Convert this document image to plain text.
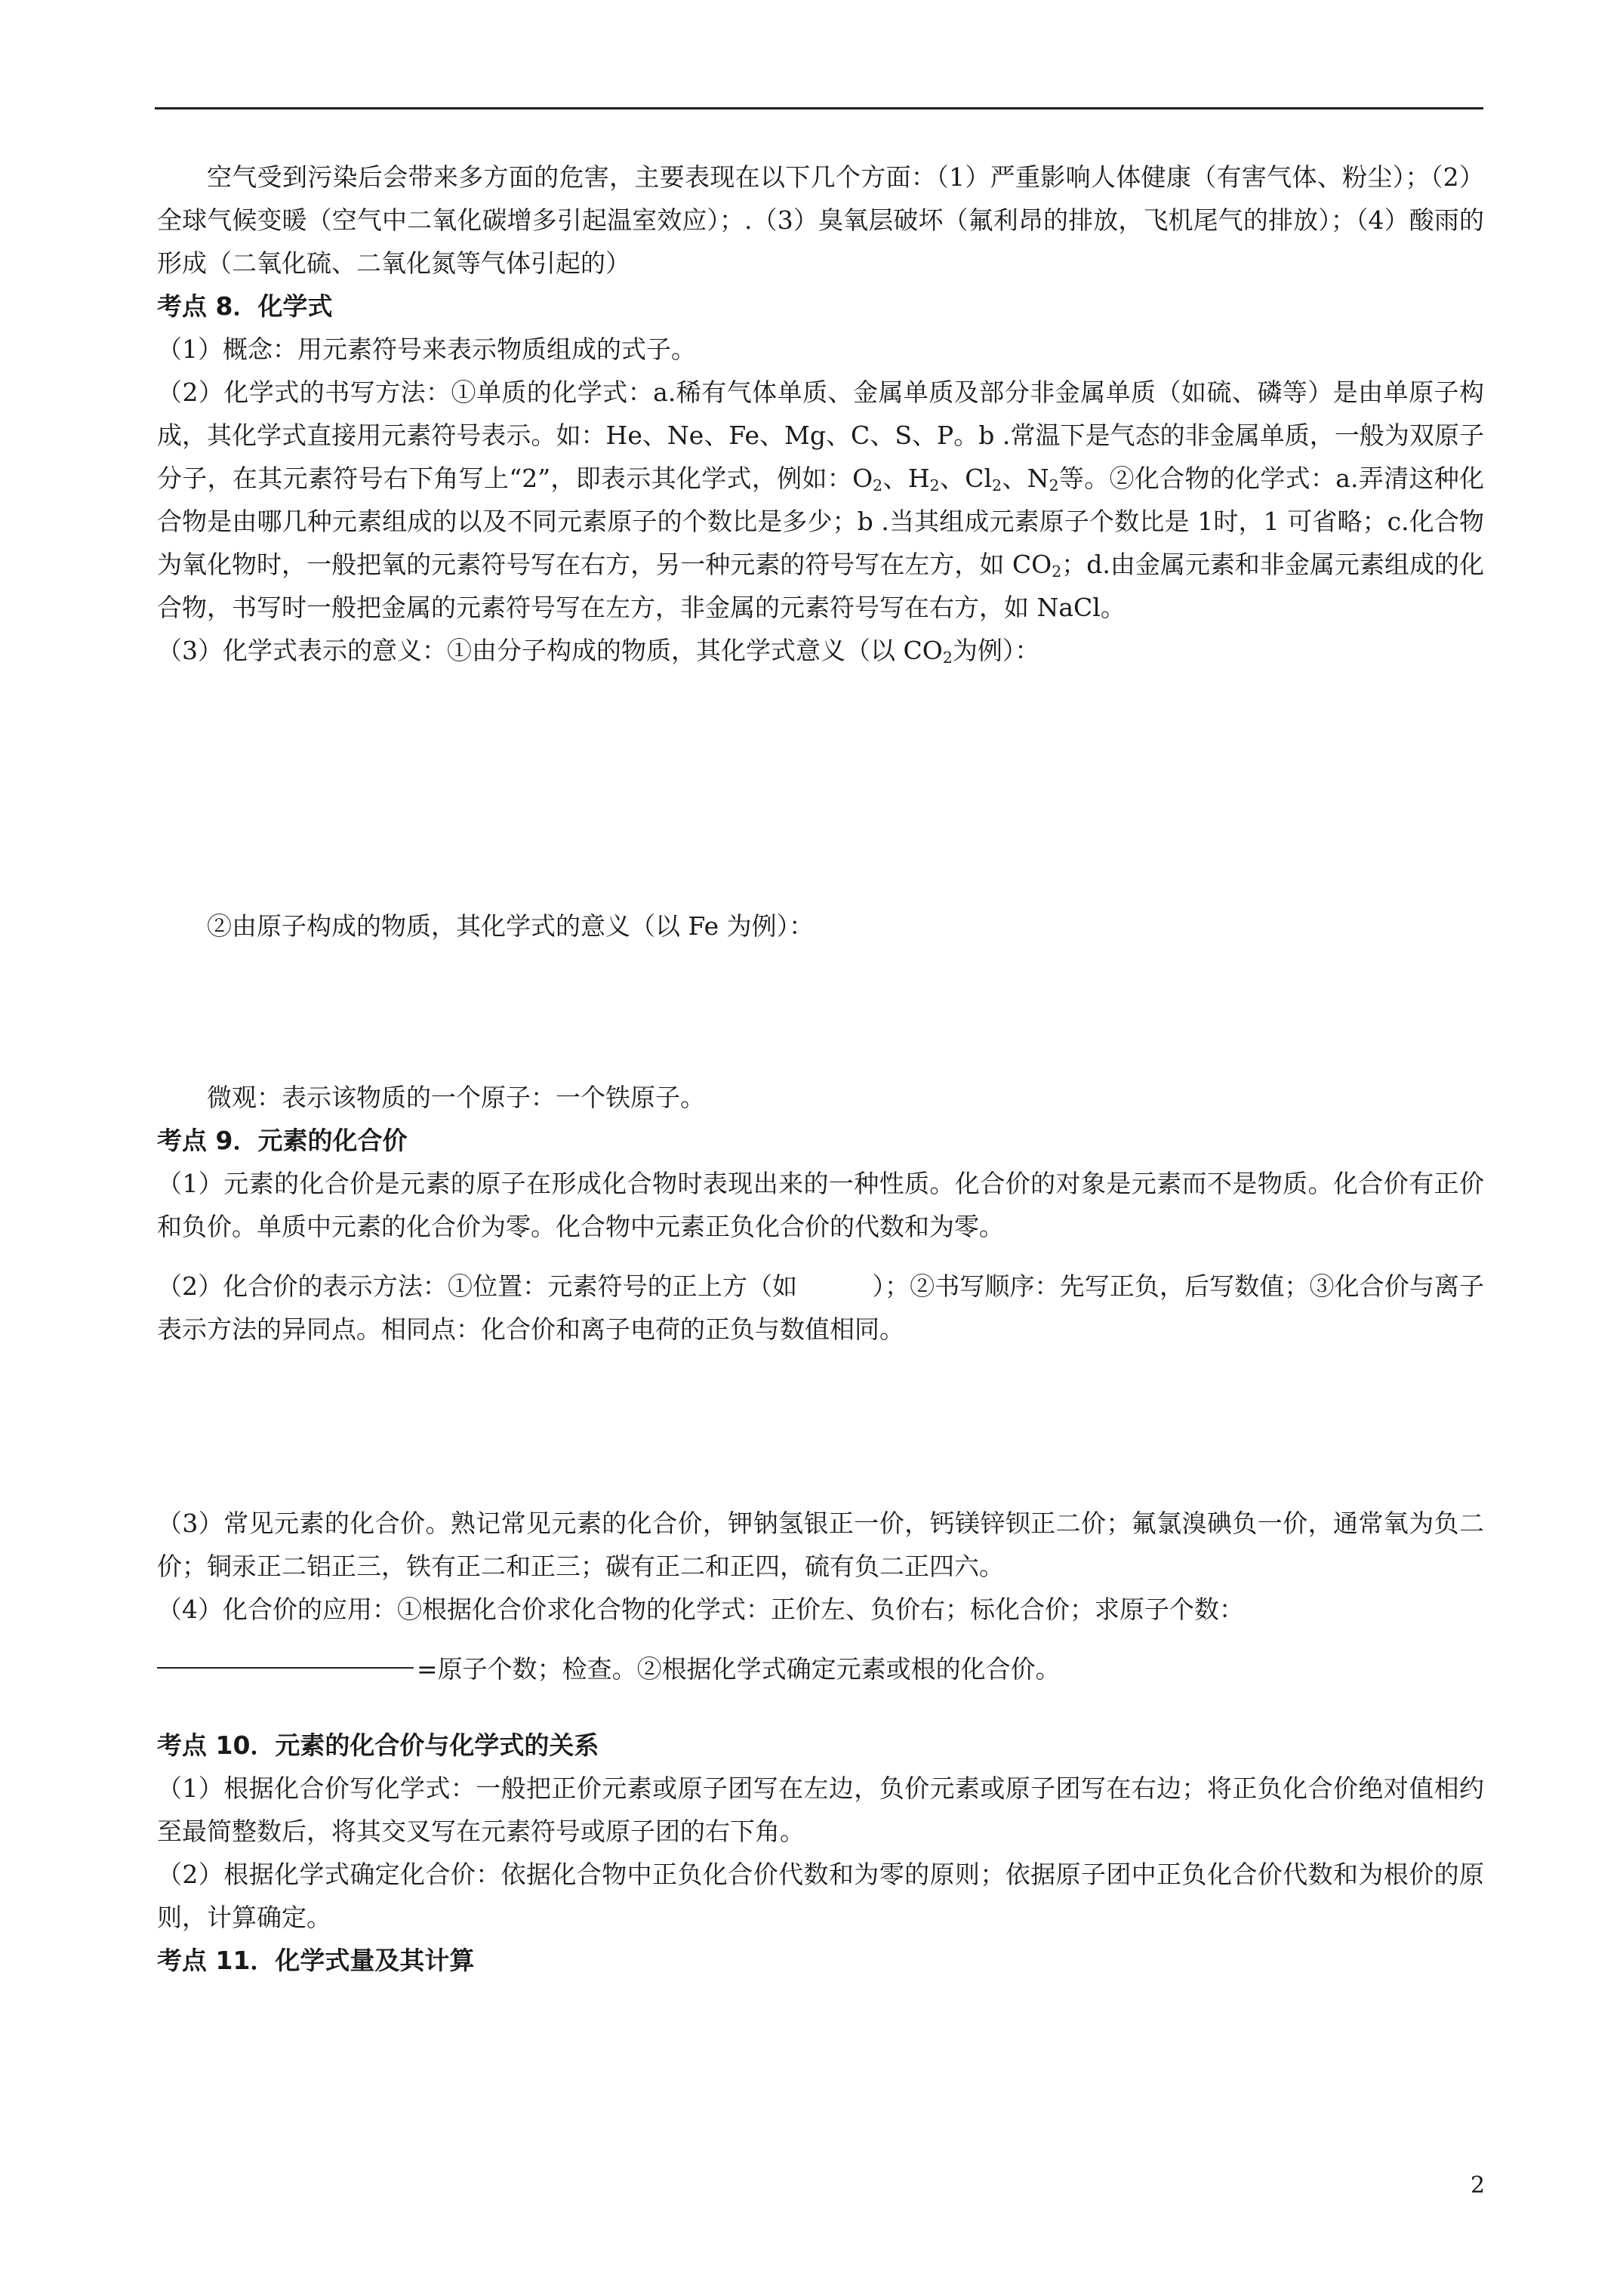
空气受到污染后会带来多方面的危害，主要表现在以下几个方面：（1）严重影响人体健康（有害气体、粉尘）；（2）全球气候变暖（空气中二氧化碳增多引起温室效应）；.（3）臭氧层破坏（氟利昂的排放，飞机尾气的排放）；（4）酸雨的形成（二氧化硫、二氧化氮等气体引起的）

考点 8．化学式

（1）概念：用元素符号来表示物质组成的式子。

（2）化学式的书写方法：①单质的化学式：a.稀有气体单质、金属单质及部分非金属单质（如硫、磷等）是由单原子构成，其化学式直接用元素符号表示。如：He、Ne、Fe、Mg、C、S、P。b .常温下是气态的非金属单质，一般为双原子分子，在其元素符号右下角写上“2”，即表示其化学式，例如：$O_2$、$H_2$、$Cl_2$、$N_2$等。②化合物的化学式：a.弄清这种化合物是由哪几种元素组成的以及不同元素原子的个数比是多少；b .当其组成元素原子个数比是 1时，1 可省略；c.化合物为氧化物时，一般把氧的元素符号写在右方，另一种元素的符号写在左方，如 $CO_2$；d.由金属元素和非金属元素组成的化合物，书写时一般把金属的元素符号写在左方，非金属的元素符号写在右方，如 NaCl。

（3）化学式表示的意义：①由分子构成的物质，其化学式意义（以 $CO_2$为例）：

②由原子构成的物质，其化学式的意义（以 Fe 为例）：

微观：表示该物质的一个原子：一个铁原子。

考点 9．元素的化合价

（1）元素的化合价是元素的原子在形成化合物时表现出来的一种性质。化合价的对象是元素而不是物质。化合价有正价和负价。单质中元素的化合价为零。化合物中元素正负化合价的代数和为零。

（2）化合价的表示方法：①位置：元素符号的正上方（如　　　）；②书写顺序：先写正负，后写数值；③化合价与离子表示方法的异同点。相同点：化合价和离子电荷的正负与数值相同。

（3）常见元素的化合价。熟记常见元素的化合价，钾钠氢银正一价，钙镁锌钡正二价；氟氯溴碘负一价，通常氧为负二价；铜汞正二铝正三，铁有正二和正三；碳有正二和正四，硫有负二正四六。

（4）化合价的应用：①根据化合价求化合物的化学式：正价左、负价右；标化合价；求原子个数：

=原子个数；检查。②根据化学式确定元素或根的化合价。

考点 10．元素的化合价与化学式的关系

（1）根据化合价写化学式：一般把正价元素或原子团写在左边，负价元素或原子团写在右边；将正负化合价绝对值相约至最简整数后，将其交叉写在元素符号或原子团的右下角。

（2）根据化学式确定化合价：依据化合物中正负化合价代数和为零的原则；依据原子团中正负化合价代数和为根价的原则，计算确定。

考点 11．化学式量及其计算

2
